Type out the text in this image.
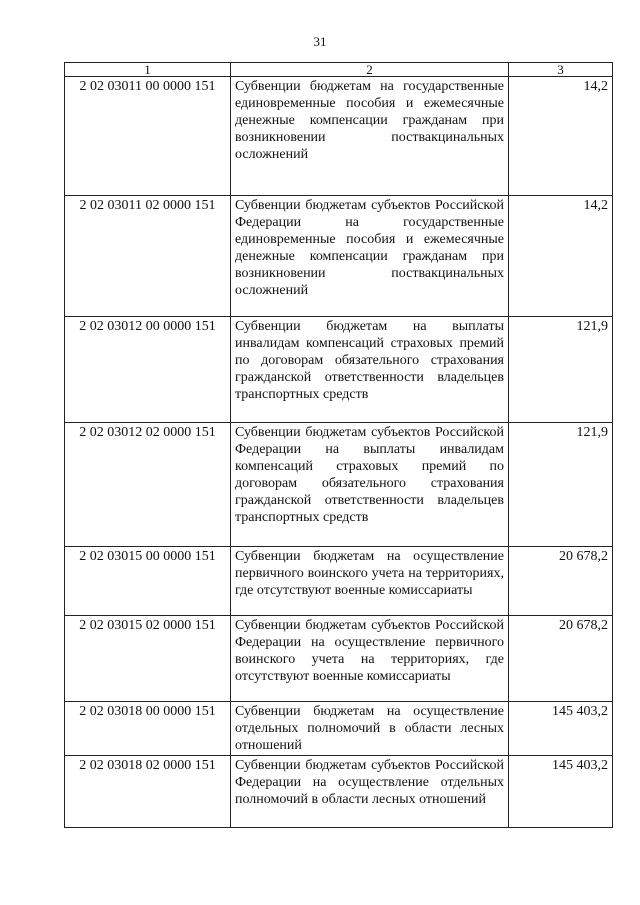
31
1	2	3
2 02 03011 00 0000 151	Субвенции бюджетам на государственные единовременные пособия и ежемесячные денежные компенсации гражданам при возникновении поствакцинальных осложнений	14,2
2 02 03011 02 0000 151	Субвенции бюджетам субъектов Российской Федерации на государственные единовременные пособия и ежемесячные денежные компенсации гражданам при возникновении поствакцинальных осложнений	14,2
2 02 03012 00 0000 151	Субвенции бюджетам на выплаты инвалидам компенсаций страховых премий по договорам обязательного страхования гражданской ответственности владельцев транспортных средств	121,9
2 02 03012 02 0000 151	Субвенции бюджетам субъектов Российской Федерации на выплаты инвалидам компенсаций страховых премий по договорам обязательного страхования гражданской ответственности владельцев транспортных средств	121,9
2 02 03015 00 0000 151	Субвенции бюджетам на осуществление первичного воинского учета на территориях, где отсутствуют военные комиссариаты	20 678,2
2 02 03015 02 0000 151	Субвенции бюджетам субъектов Российской Федерации на осуществление первичного воинского учета на территориях, где отсутствуют военные комиссариаты	20 678,2
2 02 03018 00 0000 151	Субвенции бюджетам на осуществление отдельных полномочий в области лесных отношений	145 403,2
2 02 03018 02 0000 151	Субвенции бюджетам субъектов Российской Федерации на осуществление отдельных полномочий в области лесных отношений	145 403,2
